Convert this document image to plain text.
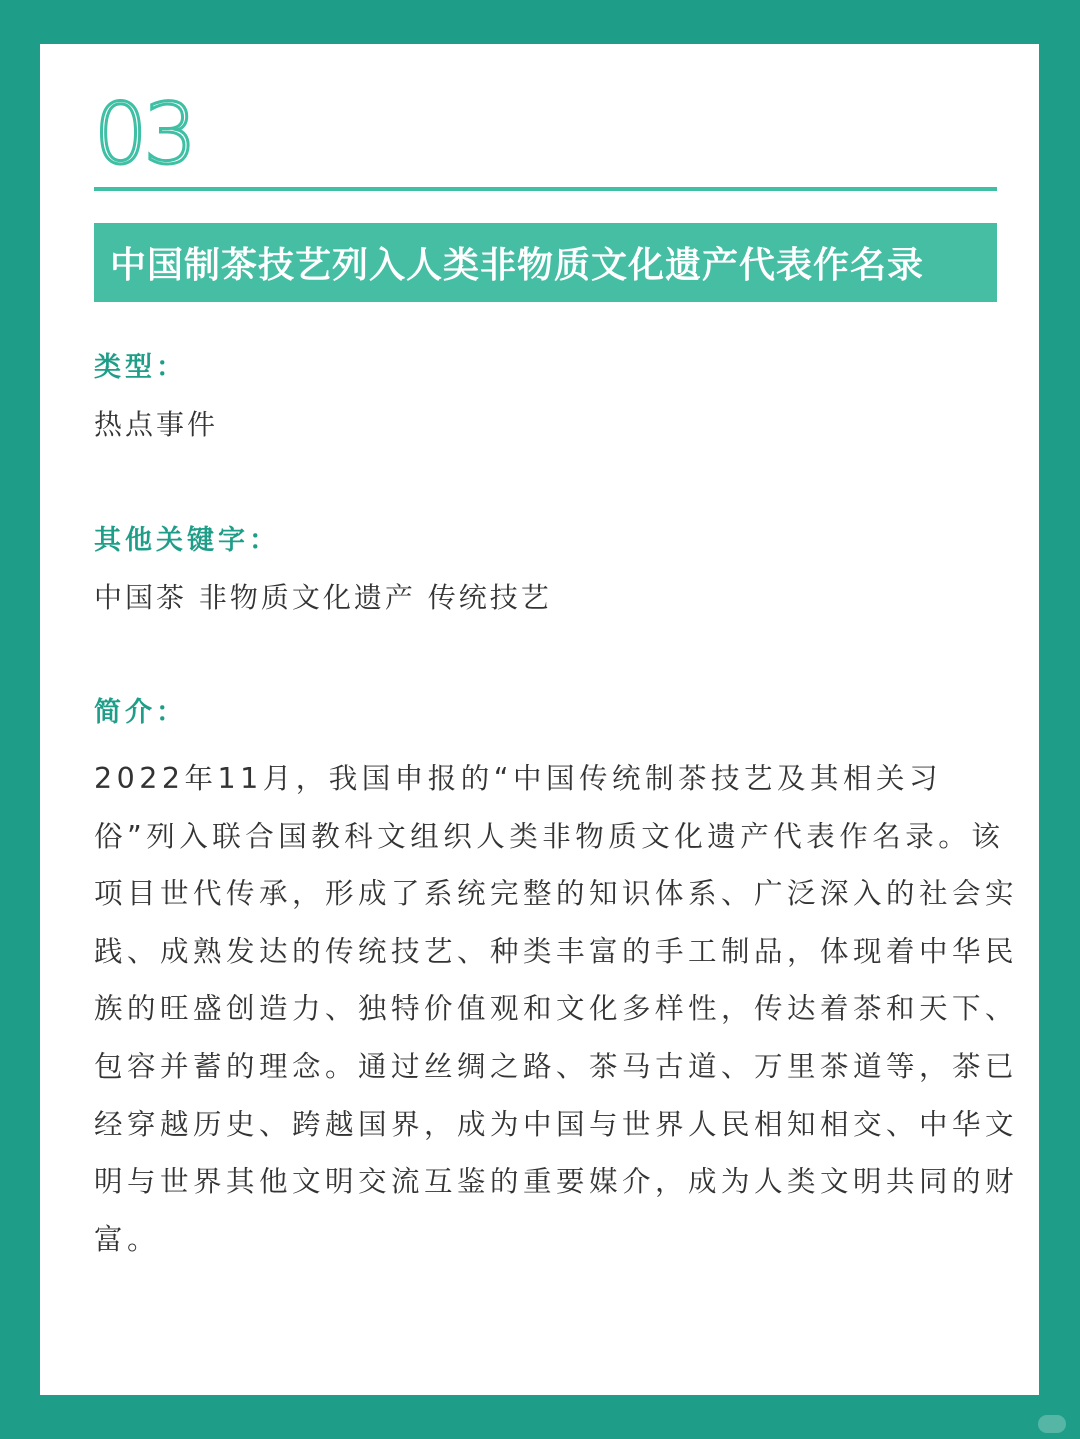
03
中国制茶技艺列入人类非物质文化遗产代表作名录
类型：
热点事件
其他关键字：
中国茶 非物质文化遗产 传统技艺
简介：

2022年11月，我国申报的“中国传统制茶技艺及其相关习俗”列入联合国教科文组织人类非物质文化遗产代表作名录。该项目世代传承，形成了系统完整的知识体系、广泛深入的社会实践、成熟发达的传统技艺、种类丰富的手工制品，体现着中华民族的旺盛创造力、独特价值观和文化多样性，传达着茶和天下、包容并蓄的理念。通过丝绸之路、茶马古道、万里茶道等，茶已经穿越历史、跨越国界，成为中国与世界人民相知相交、中华文明与世界其他文明交流互鉴的重要媒介，成为人类文明共同的财富。
